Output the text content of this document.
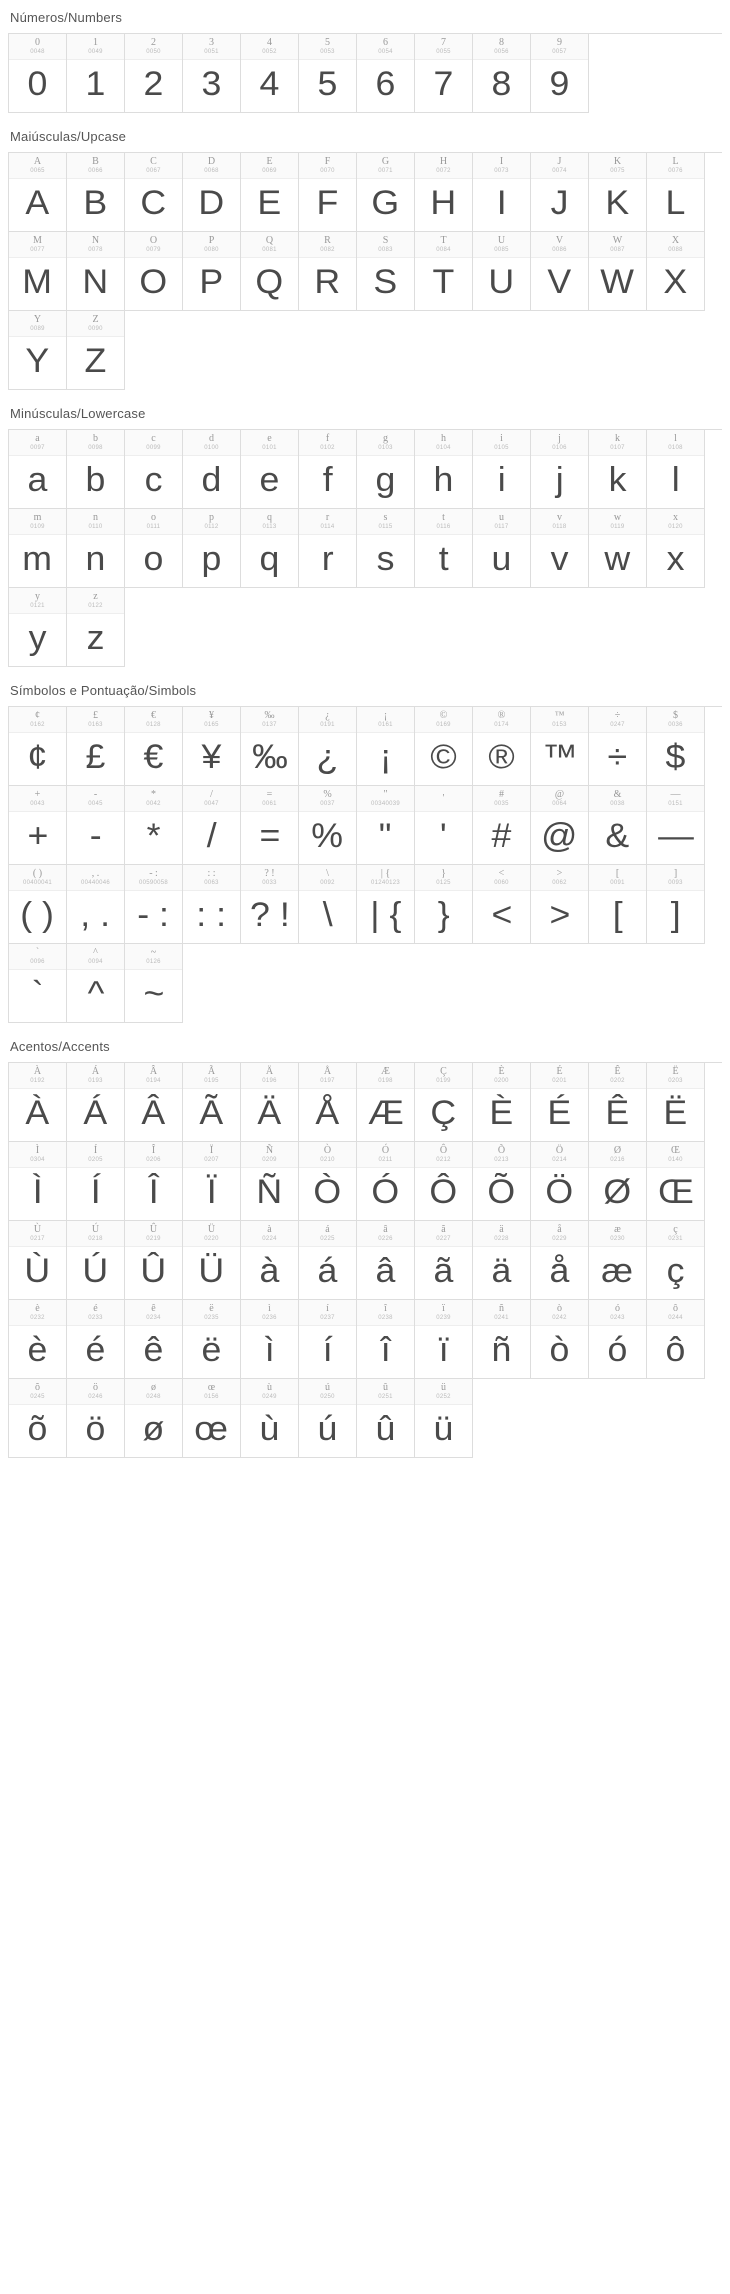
Números/Numbers
0
0048
0
1
0049
1
2
0050
2
3
0051
3
4
0052
4
5
0053
5
6
0054
6
7
0055
7
8
0056
8
9
0057
9
Maiúsculas/Upcase
A
0065
A
B
0066
B
C
0067
C
D
0068
D
E
0069
E
F
0070
F
G
0071
G
H
0072
H
I
0073
I
J
0074
J
K
0075
K
L
0076
L
M
0077
M
N
0078
N
O
0079
O
P
0080
P
Q
0081
Q
R
0082
R
S
0083
S
T
0084
T
U
0085
U
V
0086
V
W
0087
W
X
0088
X
Y
0089
Y
Z
0090
Z
Minúsculas/Lowercase
a
0097
a
b
0098
b
c
0099
c
d
0100
d
e
0101
e
f
0102
f
g
0103
g
h
0104
h
i
0105
i
j
0106
j
k
0107
k
l
0108
l
m
0109
m
n
0110
n
o
0111
o
p
0112
p
q
0113
q
r
0114
r
s
0115
s
t
0116
t
u
0117
u
v
0118
v
w
0119
w
x
0120
x
y
0121
y
z
0122
z
Símbolos e Pontuação/Simbols
¢
0162
¢
£
0163
£
€
0128
€
¥
0165
¥
‰
0137
‰
¿
0191
¿
¡
0161
¡
©
0169
©
®
0174
®
™
0153
™
÷
0247
÷
$
0036
$
+
0043
+
-
0045
-
*
0042
*
/
0047
/
=
0061
=
%
0037
%
"
00340039
"
'
'
#
0035
#
@
0064
@
&
0038
&
—
0151
—
( )
00400041
( )
, .
00440046
, .
- :
00590058
- :
: :
0063
: :
? !
0033
? !
\
0092
\
| {
01240123
| {
}
0125
}
<
0060
<
>
0062
>
[
0091
[
]
0093
]
`
0096
`
^
0094
^
~
0126
~
Acentos/Accents
À
0192
À
Á
0193
Á
Â
0194
Â
Ã
0195
Ã
Ä
0196
Ä
Å
0197
Å
Æ
0198
Æ
Ç
0199
Ç
È
0200
È
É
0201
É
Ê
0202
Ê
Ë
0203
Ë
Ì
0304
Ì
Í
0205
Í
Î
0206
Î
Ï
0207
Ï
Ñ
0209
Ñ
Ò
0210
Ò
Ó
0211
Ó
Ô
0212
Ô
Õ
0213
Õ
Ö
0214
Ö
Ø
0216
Ø
Œ
0140
Œ
Ù
0217
Ù
Ú
0218
Ú
Û
0219
Û
Ü
0220
Ü
à
0224
à
á
0225
á
â
0226
â
ã
0227
ã
ä
0228
ä
å
0229
å
æ
0230
æ
ç
0231
ç
è
0232
è
é
0233
é
ê
0234
ê
ë
0235
ë
ì
0236
ì
í
0237
í
î
0238
î
ï
0239
ï
ñ
0241
ñ
ò
0242
ò
ó
0243
ó
ô
0244
ô
õ
0245
õ
ö
0246
ö
ø
0248
ø
œ
0156
œ
ù
0249
ù
ú
0250
ú
û
0251
û
ü
0252
ü
